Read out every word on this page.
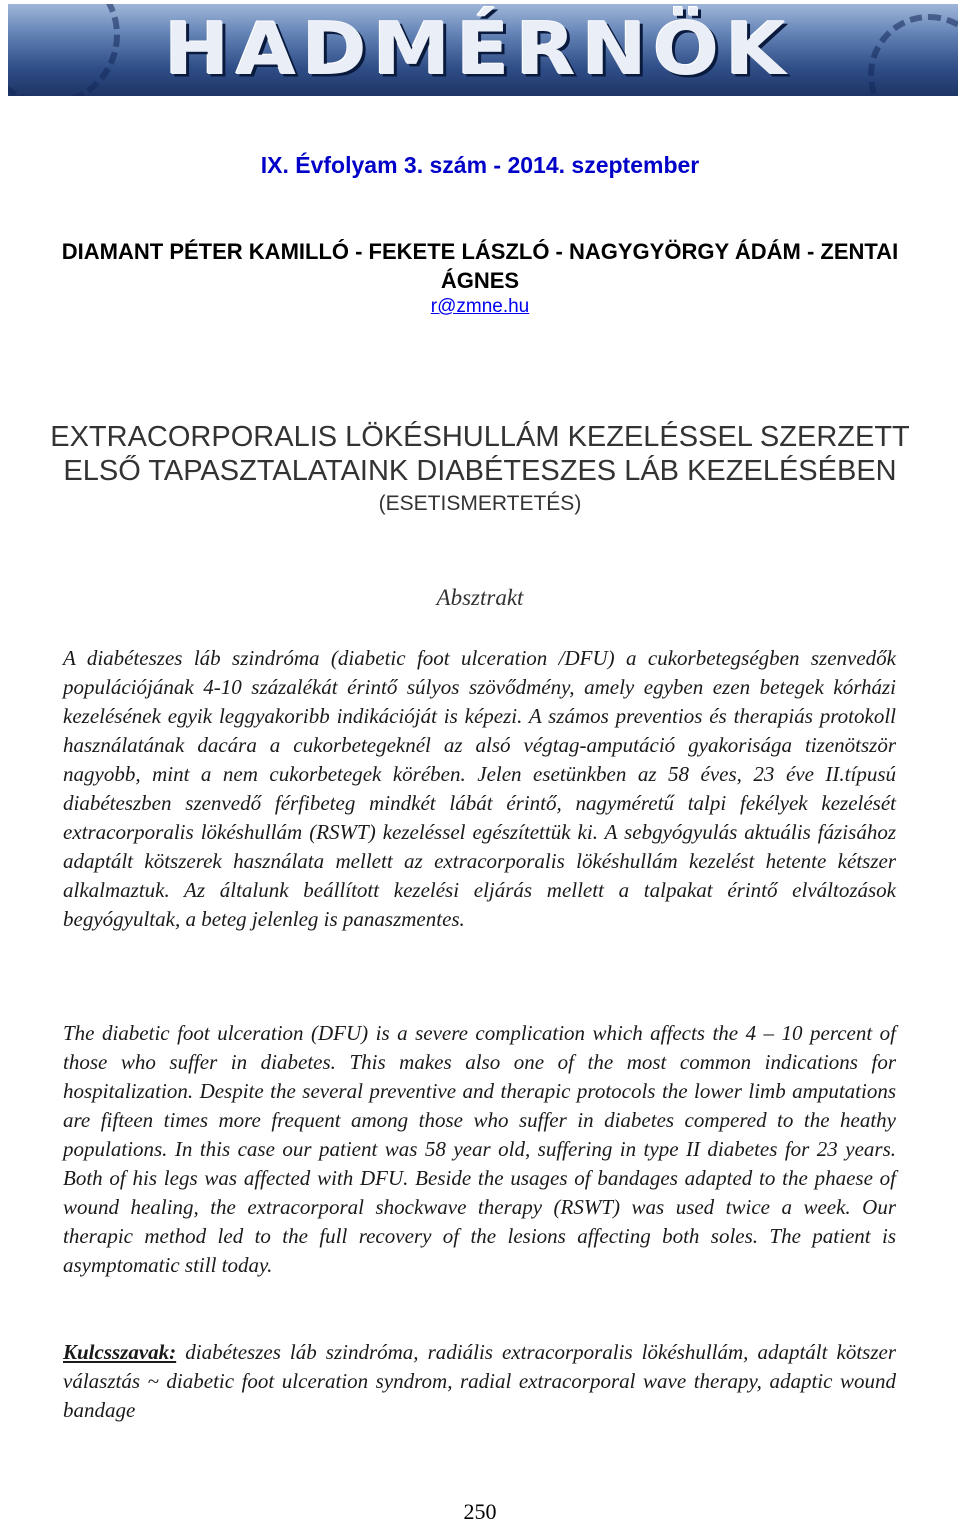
HADMÉRNÖK
IX. Évfolyam 3. szám - 2014. szeptember
DIAMANT PÉTER KAMILLÓ - FEKETE LÁSZLÓ - NAGYGYÖRGY ÁDÁM - ZENTAI ÁGNES
r@zmne.hu
EXTRACORPORALIS LÖKÉSHULLÁM KEZELÉSSEL SZERZETT
ELSŐ TAPASZTALATAINK DIABÉTESZES LÁB KEZELÉSÉBEN
(ESETISMERTETÉS)
Absztrakt
A diabéteszes láb szindróma (diabetic foot ulceration /DFU) a cukorbetegségben szenvedők populációjának 4-10 százalékát érintő súlyos szövődmény, amely egyben ezen betegek kórházi kezelésének egyik leggyakoribb indikációját is képezi. A számos preventios és therapiás protokoll használatának dacára a cukorbetegeknél az alsó végtag-amputáció gyakorisága tizenötször nagyobb, mint a nem cukorbetegek körében. Jelen esetünkben az 58 éves, 23 éve II.típusú diabéteszben szenvedő férfibeteg mindkét lábát érintő, nagyméretű talpi fekélyek kezelését extracorporalis lökéshullám (RSWT) kezeléssel egészítettük ki. A sebgyógyulás aktuális fázisához adaptált kötszerek használata mellett az extracorporalis lökéshullám kezelést hetente kétszer alkalmaztuk. Az általunk beállított kezelési eljárás mellett a talpakat érintő elváltozások begyógyultak, a beteg jelenleg is panaszmentes.
The diabetic foot ulceration (DFU) is a severe complication which affects the 4 – 10 percent of those who suffer in diabetes. This makes also one of the most common indications for hospitalization. Despite the several preventive and therapic protocols the lower limb amputations are fifteen times more frequent among those who suffer in diabetes compered to the heathy populations. In this case our patient was 58 year old, suffering in type II diabetes for 23 years. Both of his legs was affected with DFU. Beside the usages of bandages adapted to the phaese of wound healing, the extracorporal shockwave therapy (RSWT) was used twice a week. Our therapic method led to the full recovery of the lesions affecting both soles. The patient is asymptomatic still today.
Kulcsszavak: diabéteszes láb szindróma, radiális extracorporalis lökéshullám, adaptált kötszer választás ~ diabetic foot ulceration syndrom, radial extracorporal wave therapy, adaptic wound bandage
250
